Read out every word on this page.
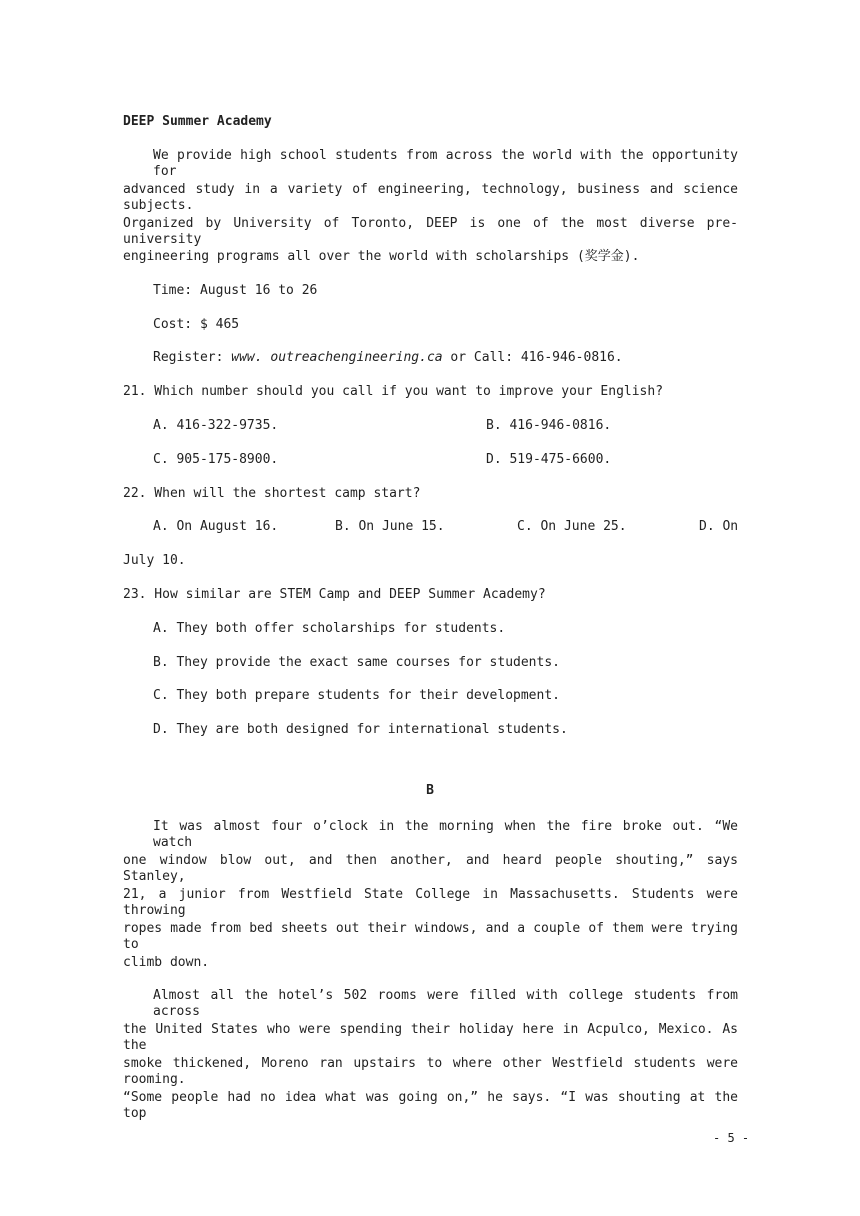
DEEP Summer Academy
We provide high school students from across the world with the opportunity for
advanced study in a variety of engineering, technology, business and science subjects.
Organized by University of Toronto, DEEP is one of the most diverse pre-university
engineering programs all over the world with scholarships (奖学金).
Time: August 16 to 26
Cost: $ 465
Register: www. outreachengineering.ca or Call: 416-946-0816.
21. Which number should you call if you want to improve your English?
A. 416-322-9735.	B. 416-946-0816.
C. 905-175-8900.	D. 519-475-6600.
22. When will the shortest camp start?
A. On August 16.	B. On June 15.	C. On June 25.	D. On
July 10.
23. How similar are STEM Camp and DEEP Summer Academy?
A. They both offer scholarships for students.
B. They provide the exact same courses for students.
C. They both prepare students for their development.
D. They are both designed for international students.
B
It was almost four o’clock in the morning when the fire broke out. “We watch
one window blow out, and then another, and heard people shouting,” says Stanley,
21, a junior from Westfield State College in Massachusetts. Students were throwing
ropes made from bed sheets out their windows, and a couple of them were trying to
climb down.
Almost all the hotel’s 502 rooms were filled with college students from across
the United States who were spending their holiday here in Acpulco, Mexico. As the
smoke thickened, Moreno ran upstairs to where other Westfield students were rooming.
“Some people had no idea what was going on,” he says. “I was shouting at the top
- 5 -
